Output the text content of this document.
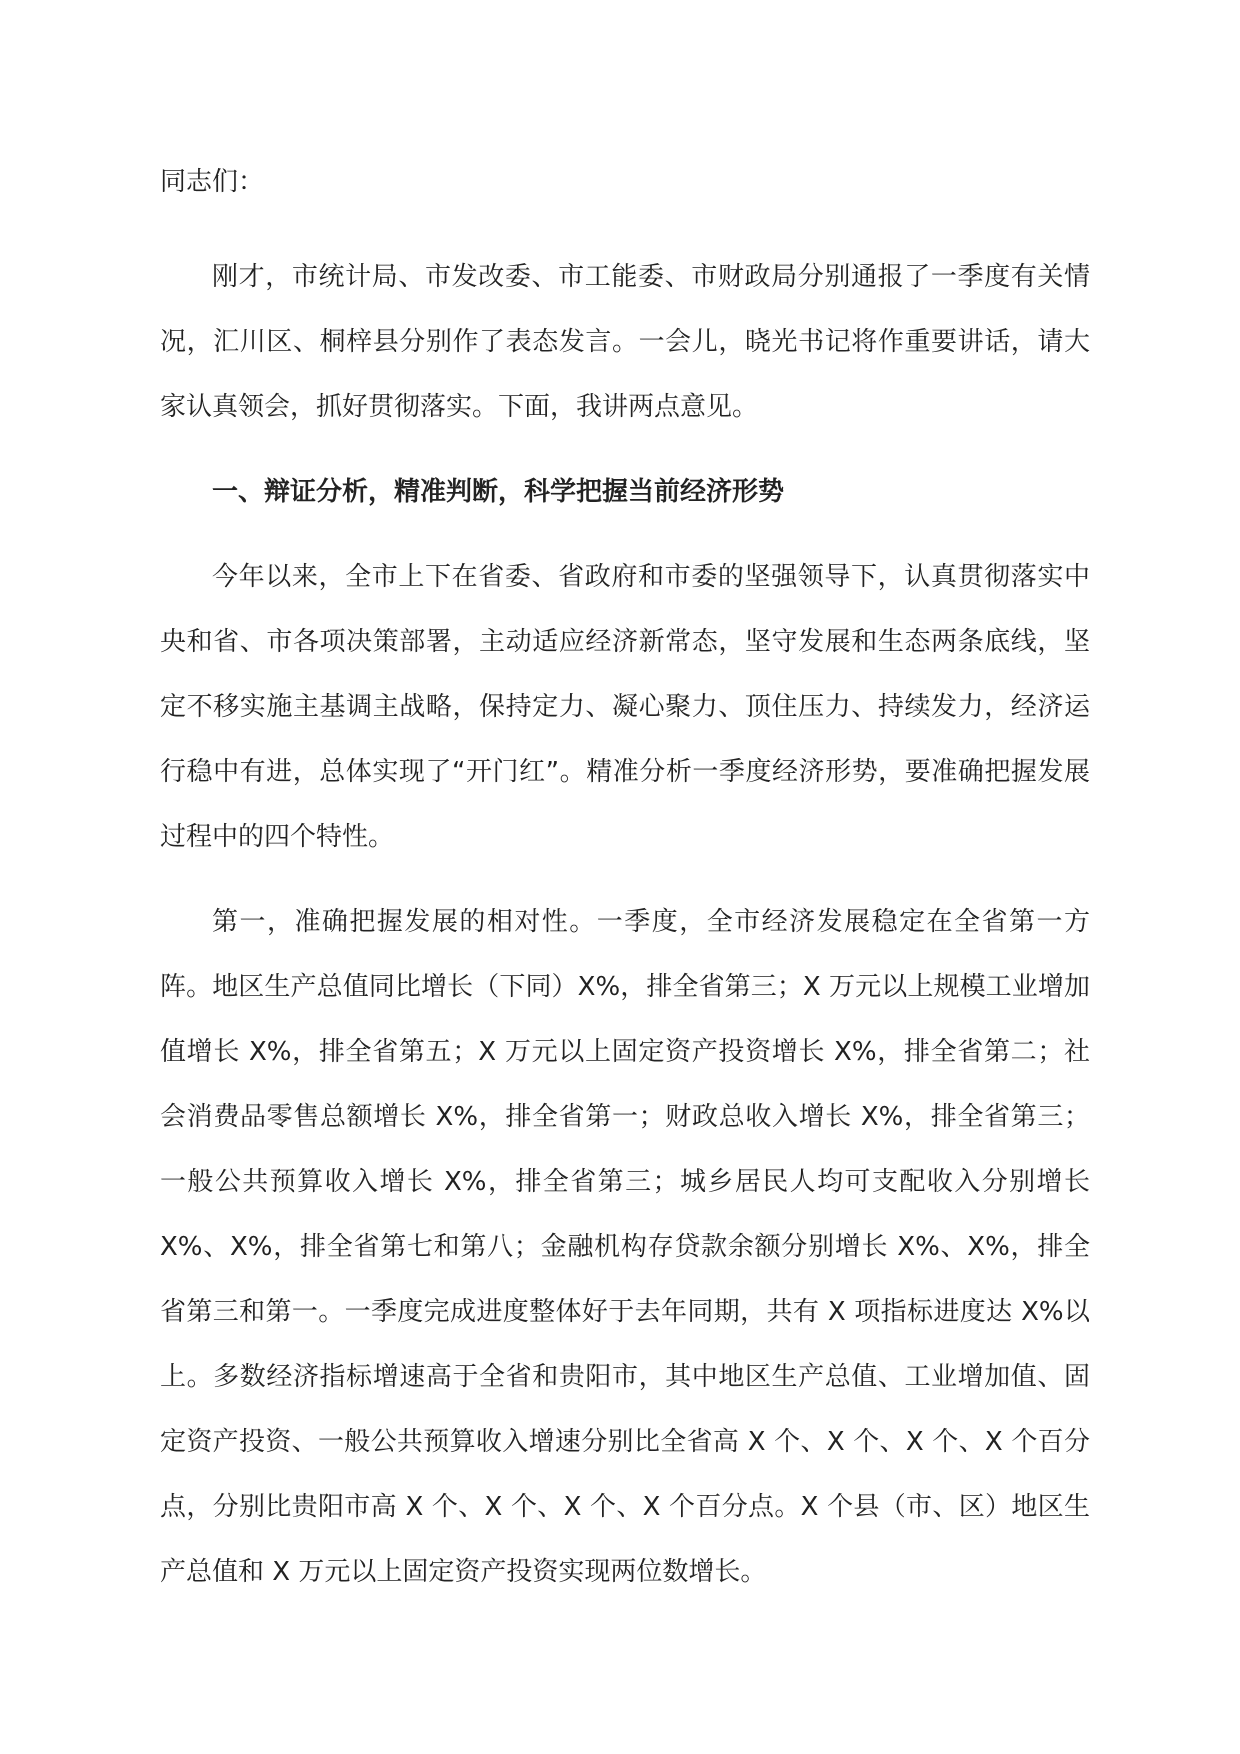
同志们：

刚才，市统计局、市发改委、市工能委、市财政局分别通报了一季度有关情况，汇川区、桐梓县分别作了表态发言。一会儿，晓光书记将作重要讲话，请大家认真领会，抓好贯彻落实。下面，我讲两点意见。

一、辩证分析，精准判断，科学把握当前经济形势

今年以来，全市上下在省委、省政府和市委的坚强领导下，认真贯彻落实中央和省、市各项决策部署，主动适应经济新常态，坚守发展和生态两条底线，坚定不移实施主基调主战略，保持定力、凝心聚力、顶住压力、持续发力，经济运行稳中有进，总体实现了“开门红”。精准分析一季度经济形势，要准确把握发展过程中的四个特性。

第一，准确把握发展的相对性。一季度，全市经济发展稳定在全省第一方阵。地区生产总值同比增长（下同）X%，排全省第三；X 万元以上规模工业增加值增长 X%，排全省第五；X 万元以上固定资产投资增长 X%，排全省第二；社会消费品零售总额增长 X%，排全省第一；财政总收入增长 X%，排全省第三；一般公共预算收入增长 X%，排全省第三；城乡居民人均可支配收入分别增长 X%、X%，排全省第七和第八；金融机构存贷款余额分别增长 X%、X%，排全省第三和第一。一季度完成进度整体好于去年同期，共有 X 项指标进度达 X%以上。多数经济指标增速高于全省和贵阳市，其中地区生产总值、工业增加值、固定资产投资、一般公共预算收入增速分别比全省高 X 个、X 个、X 个、X 个百分点，分别比贵阳市高 X 个、X 个、X 个、X 个百分点。X 个县（市、区）地区生产总值和 X 万元以上固定资产投资实现两位数增长。
